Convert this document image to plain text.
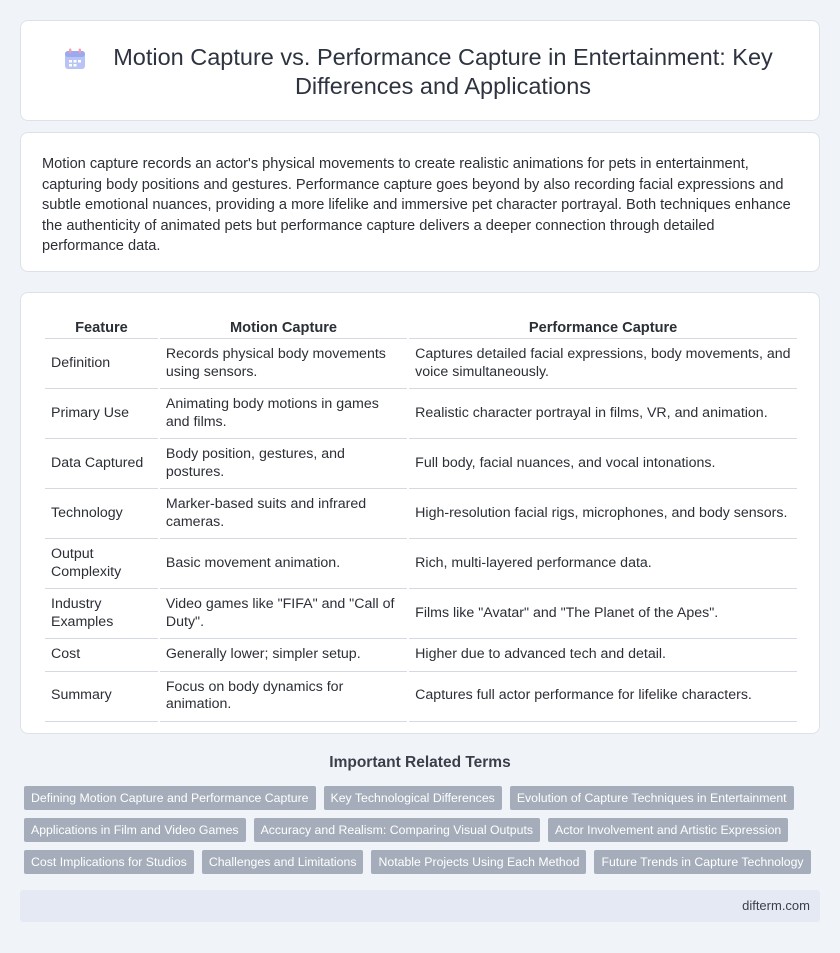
Motion Capture vs. Performance Capture in Entertainment: Key Differences and Applications

Motion capture records an actor's physical movements to create realistic animations for pets in entertainment, capturing body positions and gestures. Performance capture goes beyond by also recording facial expressions and subtle emotional nuances, providing a more lifelike and immersive pet character portrayal. Both techniques enhance the authenticity of animated pets but performance capture delivers a deeper connection through detailed performance data.

Feature	Motion Capture	Performance Capture
Definition	Records physical body movements using sensors.	Captures detailed facial expressions, body movements, and voice simultaneously.
Primary Use	Animating body motions in games and films.	Realistic character portrayal in films, VR, and animation.
Data Captured	Body position, gestures, and postures.	Full body, facial nuances, and vocal intonations.
Technology	Marker-based suits and infrared cameras.	High-resolution facial rigs, microphones, and body sensors.
Output Complexity	Basic movement animation.	Rich, multi-layered performance data.
Industry Examples	Video games like "FIFA" and "Call of Duty".	Films like "Avatar" and "The Planet of the Apes".
Cost	Generally lower; simpler setup.	Higher due to advanced tech and detail.
Summary	Focus on body dynamics for animation.	Captures full actor performance for lifelike characters.
Important Related Terms
Defining Motion Capture and Performance Capture	Key Technological Differences	Evolution of Capture Techniques in Entertainment
Applications in Film and Video Games	Accuracy and Realism: Comparing Visual Outputs	Actor Involvement and Artistic Expression
Cost Implications for Studios	Challenges and Limitations	Notable Projects Using Each Method	Future Trends in Capture Technology
difterm.com
